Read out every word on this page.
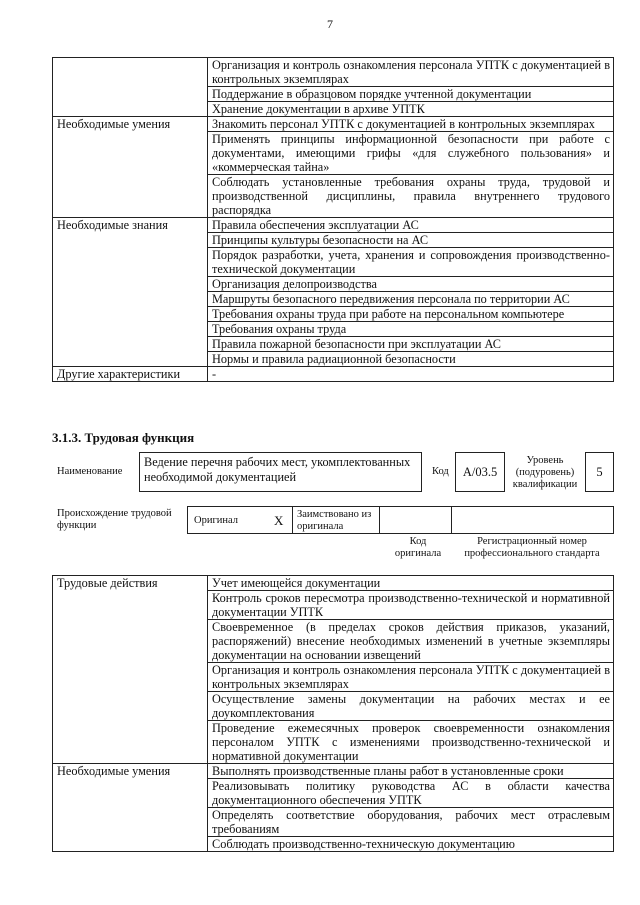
7
	Организация и контроль ознакомления персонала УПТК с документацией в контрольных экземплярах
	Поддержание в образцовом порядке учтенной документации
	Хранение документации в архиве УПТК
Необходимые умения	Знакомить персонал УПТК с документацией в контрольных экземплярах
	Применять принципы информационной безопасности при работе с документами, имеющими грифы «для служебного пользования» и «коммерческая тайна»
	Соблюдать установленные требования охраны труда, трудовой и производственной дисциплины, правила внутреннего трудового распорядка
Необходимые знания	Правила обеспечения эксплуатации АС
	Принципы культуры безопасности на АС
	Порядок разработки, учета, хранения и сопровождения производственно-технической документации
	Организация делопроизводства
	Маршруты безопасного передвижения персонала по территории АС
	Требования охраны труда при работе на персональном компьютере
	Требования охраны труда
	Правила пожарной безопасности при эксплуатации АС
	Нормы и правила радиационной безопасности
Другие характеристики	-
3.1.3. Трудовая функция
Наименование
Ведение перечня рабочих мест, укомплектованных необходимой документацией	Код	А/03.5
Уровень (подуровень) квалификации
5
Происхождение трудовой функции	Оригинал	X Заимствовано из оригинала
Код оригинала
Регистрационный номер профессионального стандарта
Трудовые действия	Учет имеющейся документации
	Контроль сроков пересмотра производственно-технической и нормативной документации УПТК
	Своевременное (в пределах сроков действия приказов, указаний, распоряжений) внесение необходимых изменений в учетные экземпляры документации на основании извещений
	Организация и контроль ознакомления персонала УПТК с документацией в контрольных экземплярах
	Осуществление замены документации на рабочих местах и ее доукомплектования
	Проведение ежемесячных проверок своевременности ознакомления персоналом УПТК с изменениями производственно-технической и нормативной документации
Необходимые умения	Выполнять производственные планы работ в установленные сроки
	Реализовывать политику руководства АС в области качества документационного обеспечения УПТК
	Определять соответствие оборудования, рабочих мест отраслевым требованиям
	Соблюдать производственно-техническую документацию
